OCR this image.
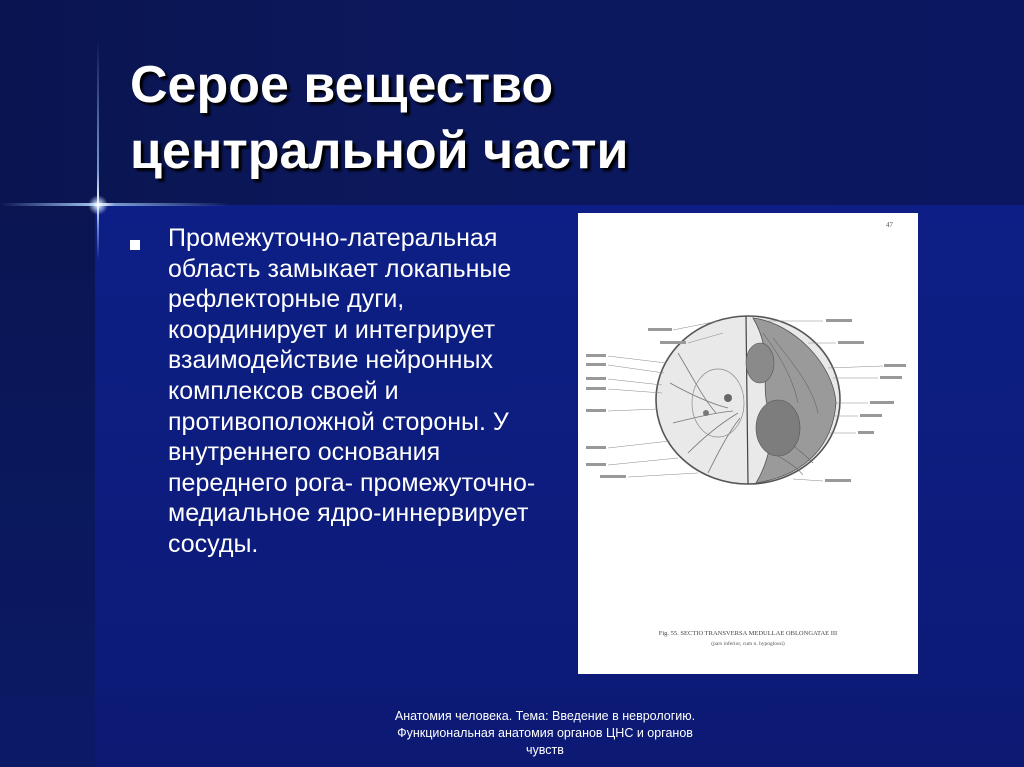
Серое вещество
центральной части
Промежуточно-латеральная область замыкает локапьные рефлекторные дуги, координирует и интегрирует взаимодействие нейронных комплексов своей и противоположной стороны. У внутреннего основания переднего рога- промежуточно-медиальное ядро-иннервирует сосуды.
47
Fig. 55. SECTIO TRANSVERSA MEDULLAE OBLONGATAE III
(pars inferior, cum n. hypoglossi)
Анатомия человека. Тема: Введение в неврологию. Функциональная анатомия органов ЦНС и органов чувств
